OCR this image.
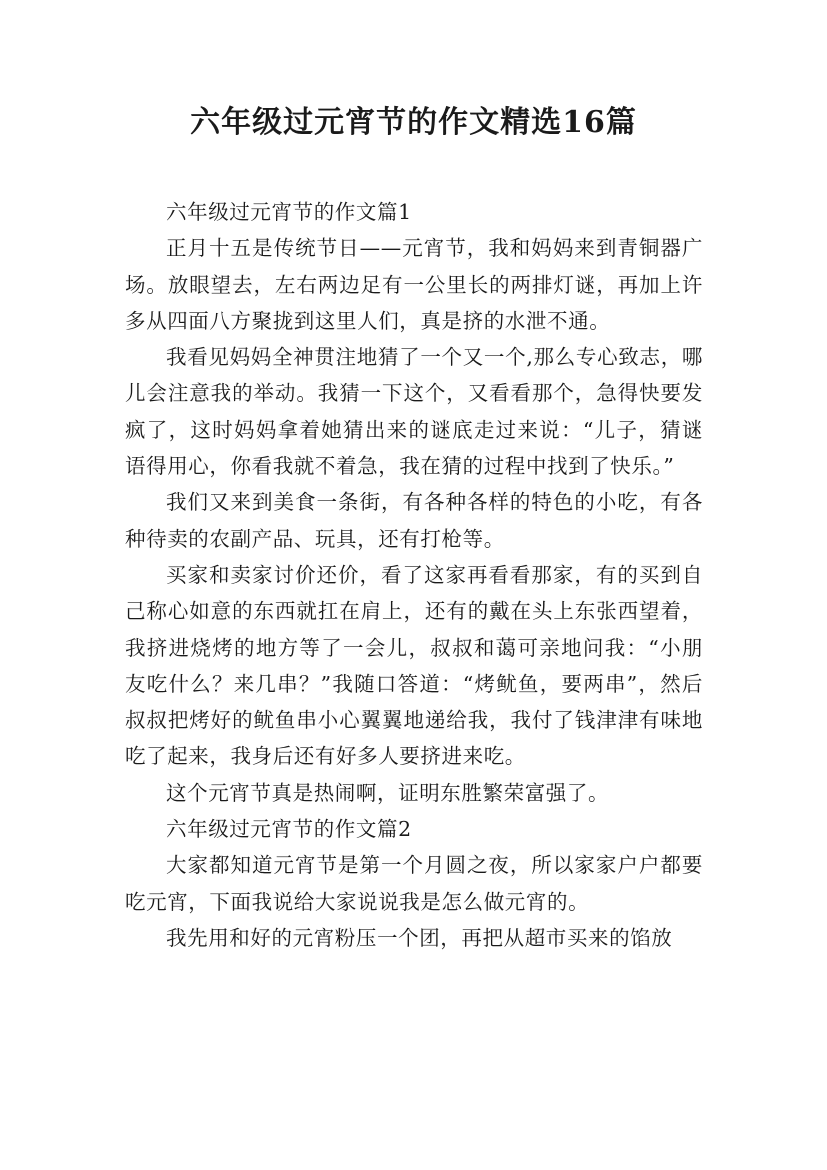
六年级过元宵节的作文精选16篇

六年级过元宵节的作文篇1

正月十五是传统节日——元宵节，我和妈妈来到青铜器广场。放眼望去，左右两边足有一公里长的两排灯谜，再加上许多从四面八方聚拢到这里人们，真是挤的水泄不通。

我看见妈妈全神贯注地猜了一个又一个,那么专心致志，哪儿会注意我的举动。我猜一下这个，又看看那个，急得快要发疯了，这时妈妈拿着她猜出来的谜底走过来说：“儿子，猜谜语得用心，你看我就不着急，我在猜的过程中找到了快乐。”

我们又来到美食一条街，有各种各样的特色的小吃，有各种待卖的农副产品、玩具，还有打枪等。

买家和卖家讨价还价，看了这家再看看那家，有的买到自己称心如意的东西就扛在肩上，还有的戴在头上东张西望着，我挤进烧烤的地方等了一会儿，叔叔和蔼可亲地问我：“小朋友吃什么？来几串？”我随口答道：“烤鱿鱼，要两串”，然后叔叔把烤好的鱿鱼串小心翼翼地递给我，我付了钱津津有味地吃了起来，我身后还有好多人要挤进来吃。

这个元宵节真是热闹啊，证明东胜繁荣富强了。

六年级过元宵节的作文篇2

大家都知道元宵节是第一个月圆之夜，所以家家户户都要吃元宵，下面我说给大家说说我是怎么做元宵的。

我先用和好的元宵粉压一个团，再把从超市买来的馅放
